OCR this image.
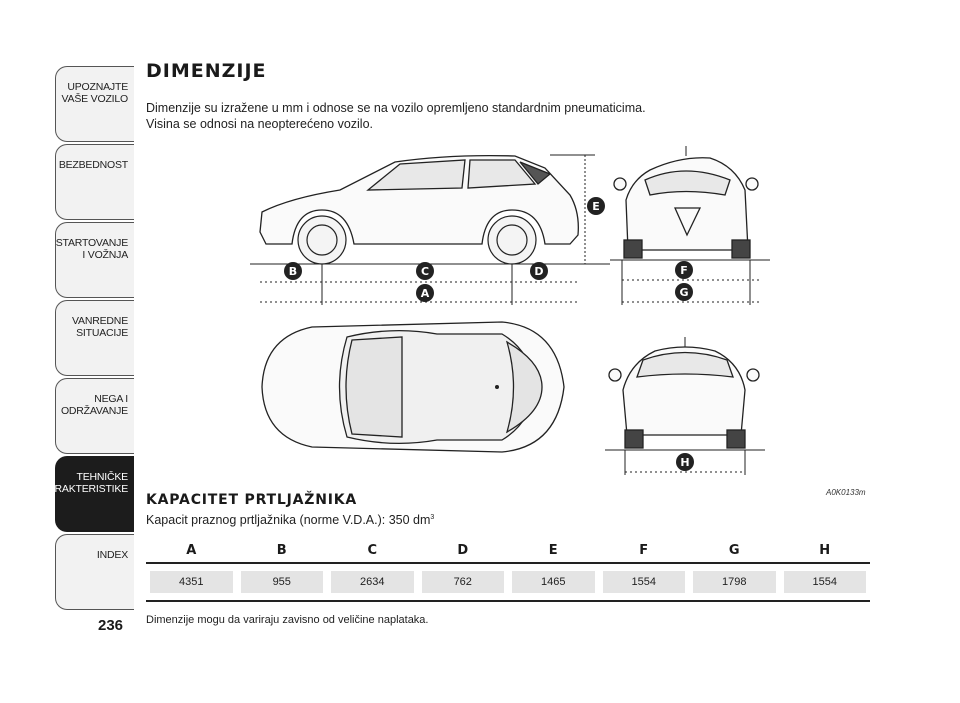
UPOZNAJTE
VAŠE VOZILO
BEZBEDNOST
STARTOVANJE
I VOŽNJA
VANREDNE
SITUACIJE
NEGA I
ODRŽAVANJE
TEHNIČKE
KARAKTERISTIKE
INDEX
236
DIMENZIJE
Dimenzije su izražene u mm i odnose se na vozilo opremljeno standardnim pneumaticima.
Visina se odnosi na neopterećeno vozilo.
B	C	D
A
E
F
G
H
A0K0133m
KAPACITET PRTLJAŽNIKA
Kapacit praznog prtljažnika (norme V.D.A.): 350 $dm^3$
A	B	C	D	E	F	G	H
4351	955	2634	762	1465	1554	1798	1554
Dimenzije mogu da variraju zavisno od veličine naplataka.
